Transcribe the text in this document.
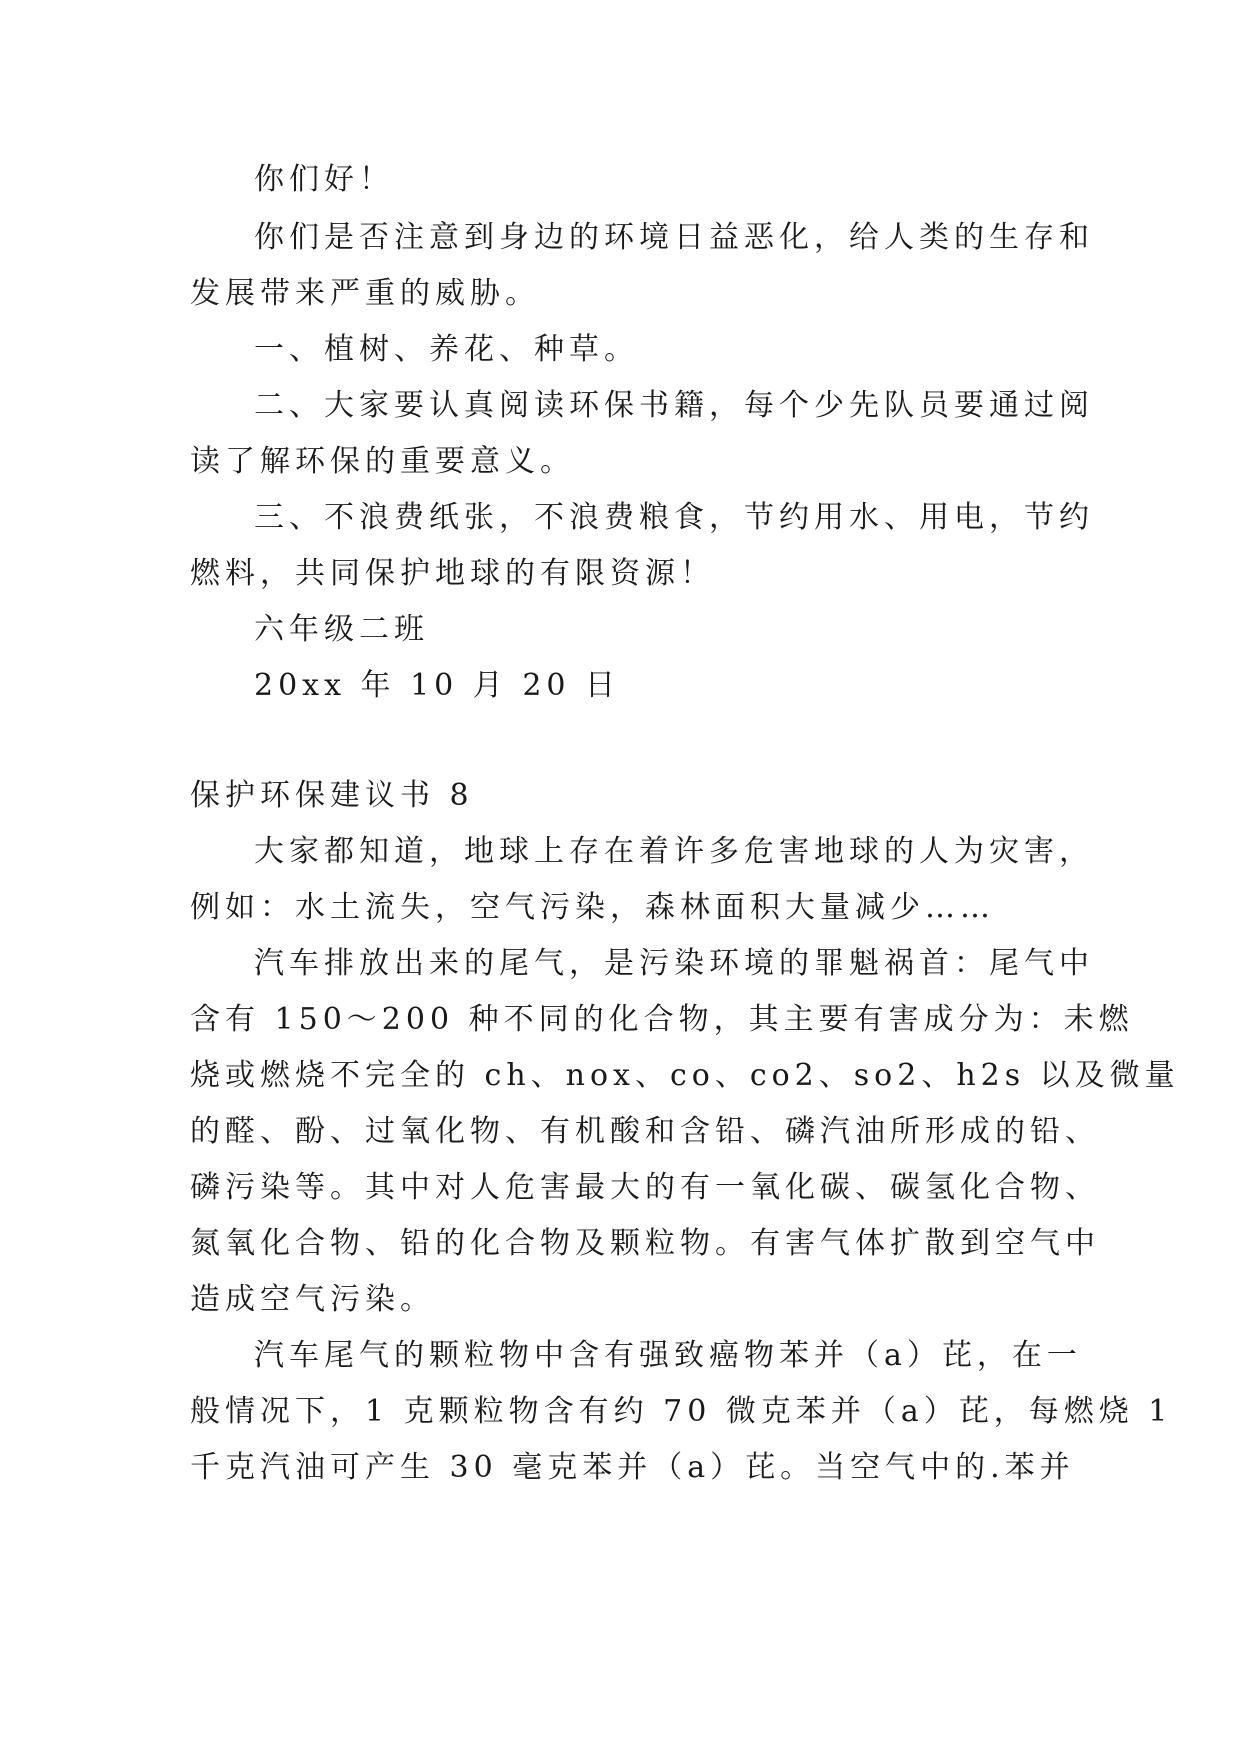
你们好！
你们是否注意到身边的环境日益恶化，给人类的生存和
发展带来严重的威胁。
一、植树、养花、种草。
二、大家要认真阅读环保书籍，每个少先队员要通过阅
读了解环保的重要意义。
三、不浪费纸张，不浪费粮食，节约用水、用电，节约
燃料，共同保护地球的有限资源！
六年级二班
20xx 年 10 月 20 日
保护环保建议书 8
大家都知道，地球上存在着许多危害地球的人为灾害，
例如：水土流失，空气污染，森林面积大量减少……
汽车排放出来的尾气，是污染环境的罪魁祸首：尾气中
含有 150～200 种不同的化合物，其主要有害成分为：未燃
烧或燃烧不完全的 ch、nox、co、co2、so2、h2s 以及微量
的醛、酚、过氧化物、有机酸和含铅、磷汽油所形成的铅、
磷污染等。其中对人危害最大的有一氧化碳、碳氢化合物、
氮氧化合物、铅的化合物及颗粒物。有害气体扩散到空气中
造成空气污染。
汽车尾气的颗粒物中含有强致癌物苯并（a）芘，在一
般情况下，1 克颗粒物含有约 70 微克苯并（a）芘，每燃烧 1
千克汽油可产生 30 毫克苯并（a）芘。当空气中的.苯并
